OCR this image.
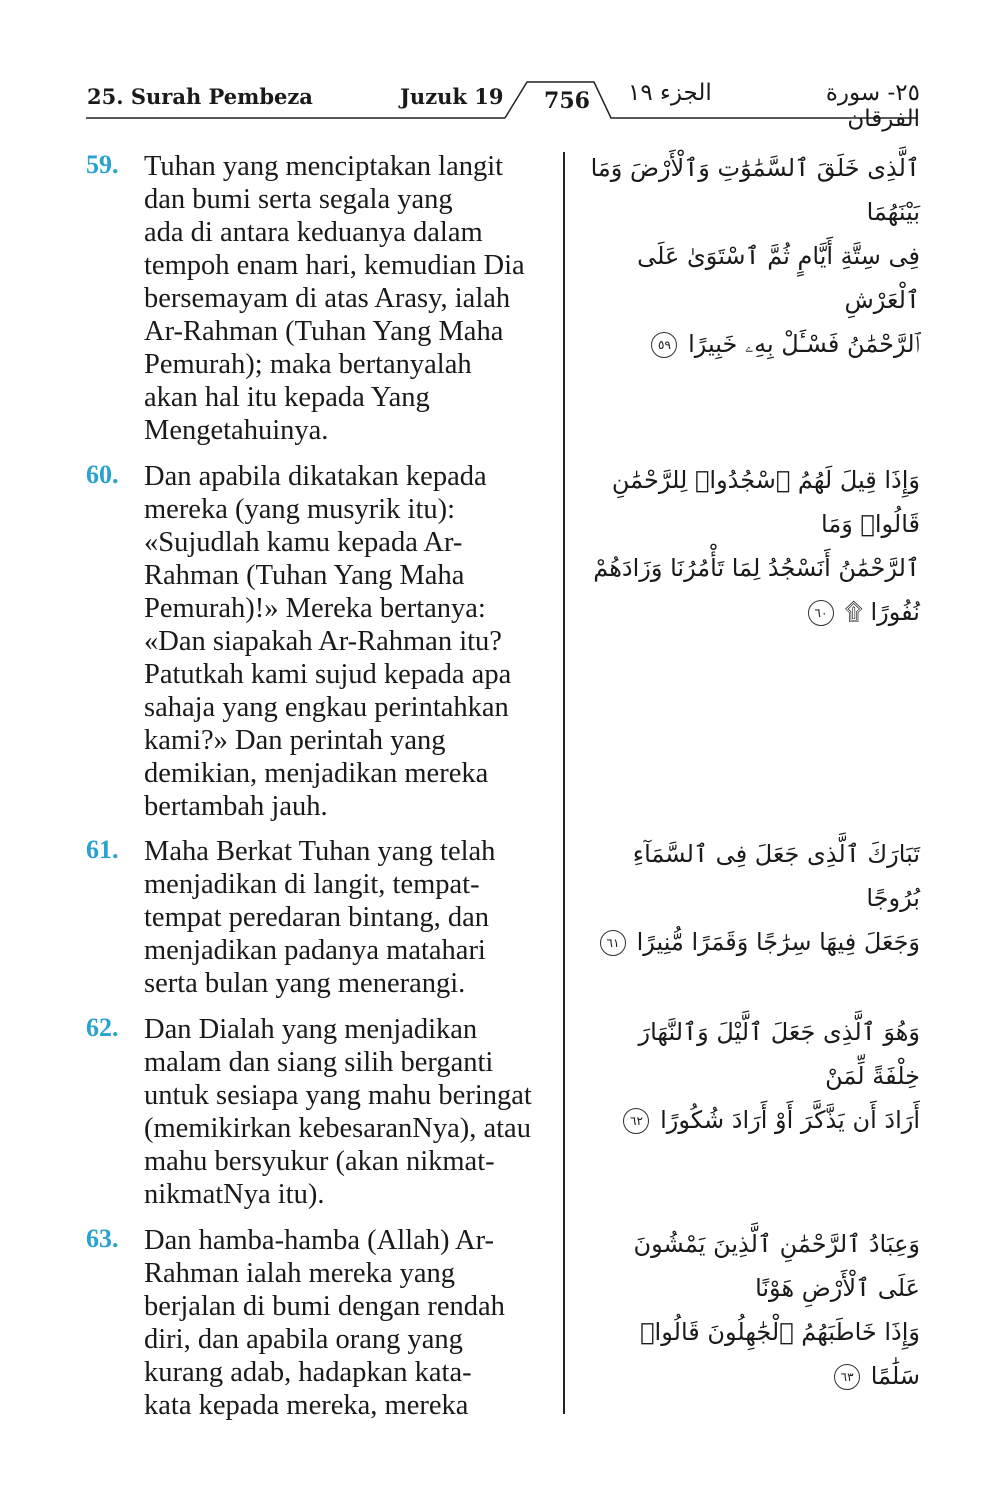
25. Surah Pembeza	Juzuk 19 756 الجزء ١٩	٢٥- سورة الفرقان
59. Tuhan yang menciptakan langit
dan bumi serta segala yang
ada di antara keduanya dalam
tempoh enam hari, kemudian Dia
bersemayam di atas Arasy, ialah
Ar-Rahman (Tuhan Yang Maha
Pemurah); maka bertanyalah
akan hal itu kepada Yang
Mengetahuinya.
ٱلَّذِى خَلَقَ ٱلسَّمَٰوَٰتِ وَٱلْأَرْضَ وَمَا بَيْنَهُمَا
فِى سِتَّةِ أَيَّامٍ ثُمَّ ٱسْتَوَىٰ عَلَى ٱلْعَرْشِ
ٱلرَّحْمَٰنُ فَسْـَٔلْ بِهِۦ خَبِيرًا ٥٩
60. Dan apabila dikatakan kepada
mereka (yang musyrik itu):
«Sujudlah kamu kepada Ar-
Rahman (Tuhan Yang Maha
Pemurah)!» Mereka bertanya:
«Dan siapakah Ar-Rahman itu?
Patutkah kami sujud kepada apa
sahaja yang engkau perintahkan
kami?» Dan perintah yang
demikian, menjadikan mereka
bertambah jauh.
وَإِذَا قِيلَ لَهُمُ ٱسْجُدُوا۟ لِلرَّحْمَٰنِ قَالُوا۟ وَمَا
ٱلرَّحْمَٰنُ أَنَسْجُدُ لِمَا تَأْمُرُنَا وَزَادَهُمْ
نُفُورًا ۩ ٦٠
61. Maha Berkat Tuhan yang telah
menjadikan di langit, tempat-
tempat peredaran bintang, dan
menjadikan padanya matahari
serta bulan yang menerangi.
تَبَارَكَ ٱلَّذِى جَعَلَ فِى ٱلسَّمَآءِ بُرُوجًا
وَجَعَلَ فِيهَا سِرَٰجًا وَقَمَرًا مُّنِيرًا ٦١
62. Dan Dialah yang menjadikan
malam dan siang silih berganti
untuk sesiapa yang mahu beringat
(memikirkan kebesaranNya), atau
mahu bersyukur (akan nikmat-
nikmatNya itu).
وَهُوَ ٱلَّذِى جَعَلَ ٱلَّيْلَ وَٱلنَّهَارَ خِلْفَةً لِّمَنْ
أَرَادَ أَن يَذَّكَّرَ أَوْ أَرَادَ شُكُورًا ٦٢
63. Dan hamba-hamba (Allah) Ar-
Rahman ialah mereka yang
berjalan di bumi dengan rendah
diri, dan apabila orang yang
kurang adab, hadapkan kata-
kata kepada mereka, mereka
وَعِبَادُ ٱلرَّحْمَٰنِ ٱلَّذِينَ يَمْشُونَ عَلَى ٱلْأَرْضِ هَوْنًا
وَإِذَا خَاطَبَهُمُ ٱلْجَٰهِلُونَ قَالُوا۟ سَلَٰمًا ٦٣
